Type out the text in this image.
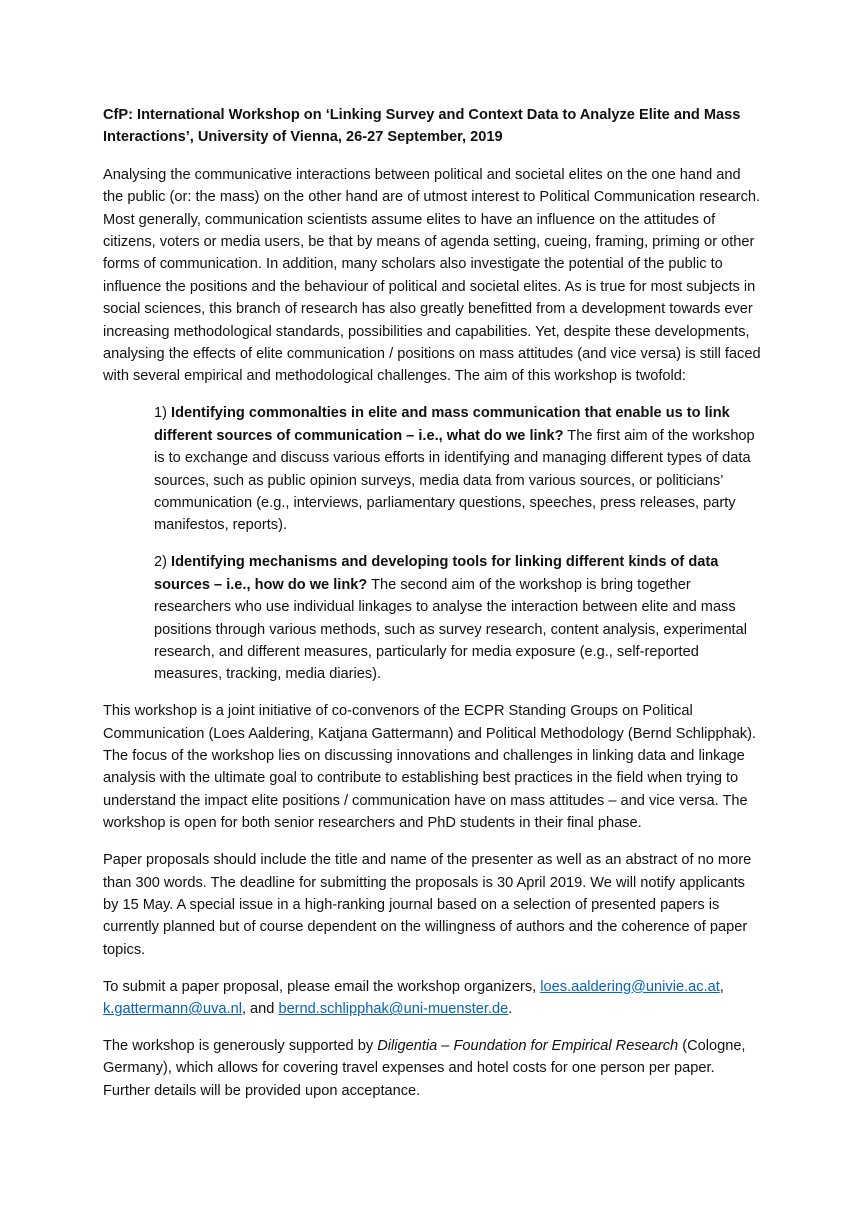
CfP: International Workshop on ‘Linking Survey and Context Data to Analyze Elite and Mass Interactions’, University of Vienna, 26-27 September, 2019

Analysing the communicative interactions between political and societal elites on the one hand and the public (or: the mass) on the other hand are of utmost interest to Political Communication research. Most generally, communication scientists assume elites to have an influence on the attitudes of citizens, voters or media users, be that by means of agenda setting, cueing, framing, priming or other forms of communication. In addition, many scholars also investigate the potential of the public to influence the positions and the behaviour of political and societal elites. As is true for most subjects in social sciences, this branch of research has also greatly benefitted from a development towards ever increasing methodological standards, possibilities and capabilities. Yet, despite these developments, analysing the effects of elite communication / positions on mass attitudes (and vice versa) is still faced with several empirical and methodological challenges. The aim of this workshop is twofold:

1) Identifying commonalties in elite and mass communication that enable us to link different sources of communication – i.e., what do we link? The first aim of the workshop is to exchange and discuss various efforts in identifying and managing different types of data sources, such as public opinion surveys, media data from various sources, or politicians’ communication (e.g., interviews, parliamentary questions, speeches, press releases, party manifestos, reports).

2) Identifying mechanisms and developing tools for linking different kinds of data sources – i.e., how do we link? The second aim of the workshop is bring together researchers who use individual linkages to analyse the interaction between elite and mass positions through various methods, such as survey research, content analysis, experimental research, and different measures, particularly for media exposure (e.g., self-reported measures, tracking, media diaries).

This workshop is a joint initiative of co-convenors of the ECPR Standing Groups on Political Communication (Loes Aaldering, Katjana Gattermann) and Political Methodology (Bernd Schlipphak). The focus of the workshop lies on discussing innovations and challenges in linking data and linkage analysis with the ultimate goal to contribute to establishing best practices in the field when trying to understand the impact elite positions / communication have on mass attitudes – and vice versa. The workshop is open for both senior researchers and PhD students in their final phase.

Paper proposals should include the title and name of the presenter as well as an abstract of no more than 300 words. The deadline for submitting the proposals is 30 April 2019. We will notify applicants by 15 May. A special issue in a high-ranking journal based on a selection of presented papers is currently planned but of course dependent on the willingness of authors and the coherence of paper topics.

To submit a paper proposal, please email the workshop organizers, loes.aaldering@univie.ac.at, k.gattermann@uva.nl, and bernd.schlipphak@uni-muenster.de.

The workshop is generously supported by Diligentia – Foundation for Empirical Research (Cologne, Germany), which allows for covering travel expenses and hotel costs for one person per paper. Further details will be provided upon acceptance.
